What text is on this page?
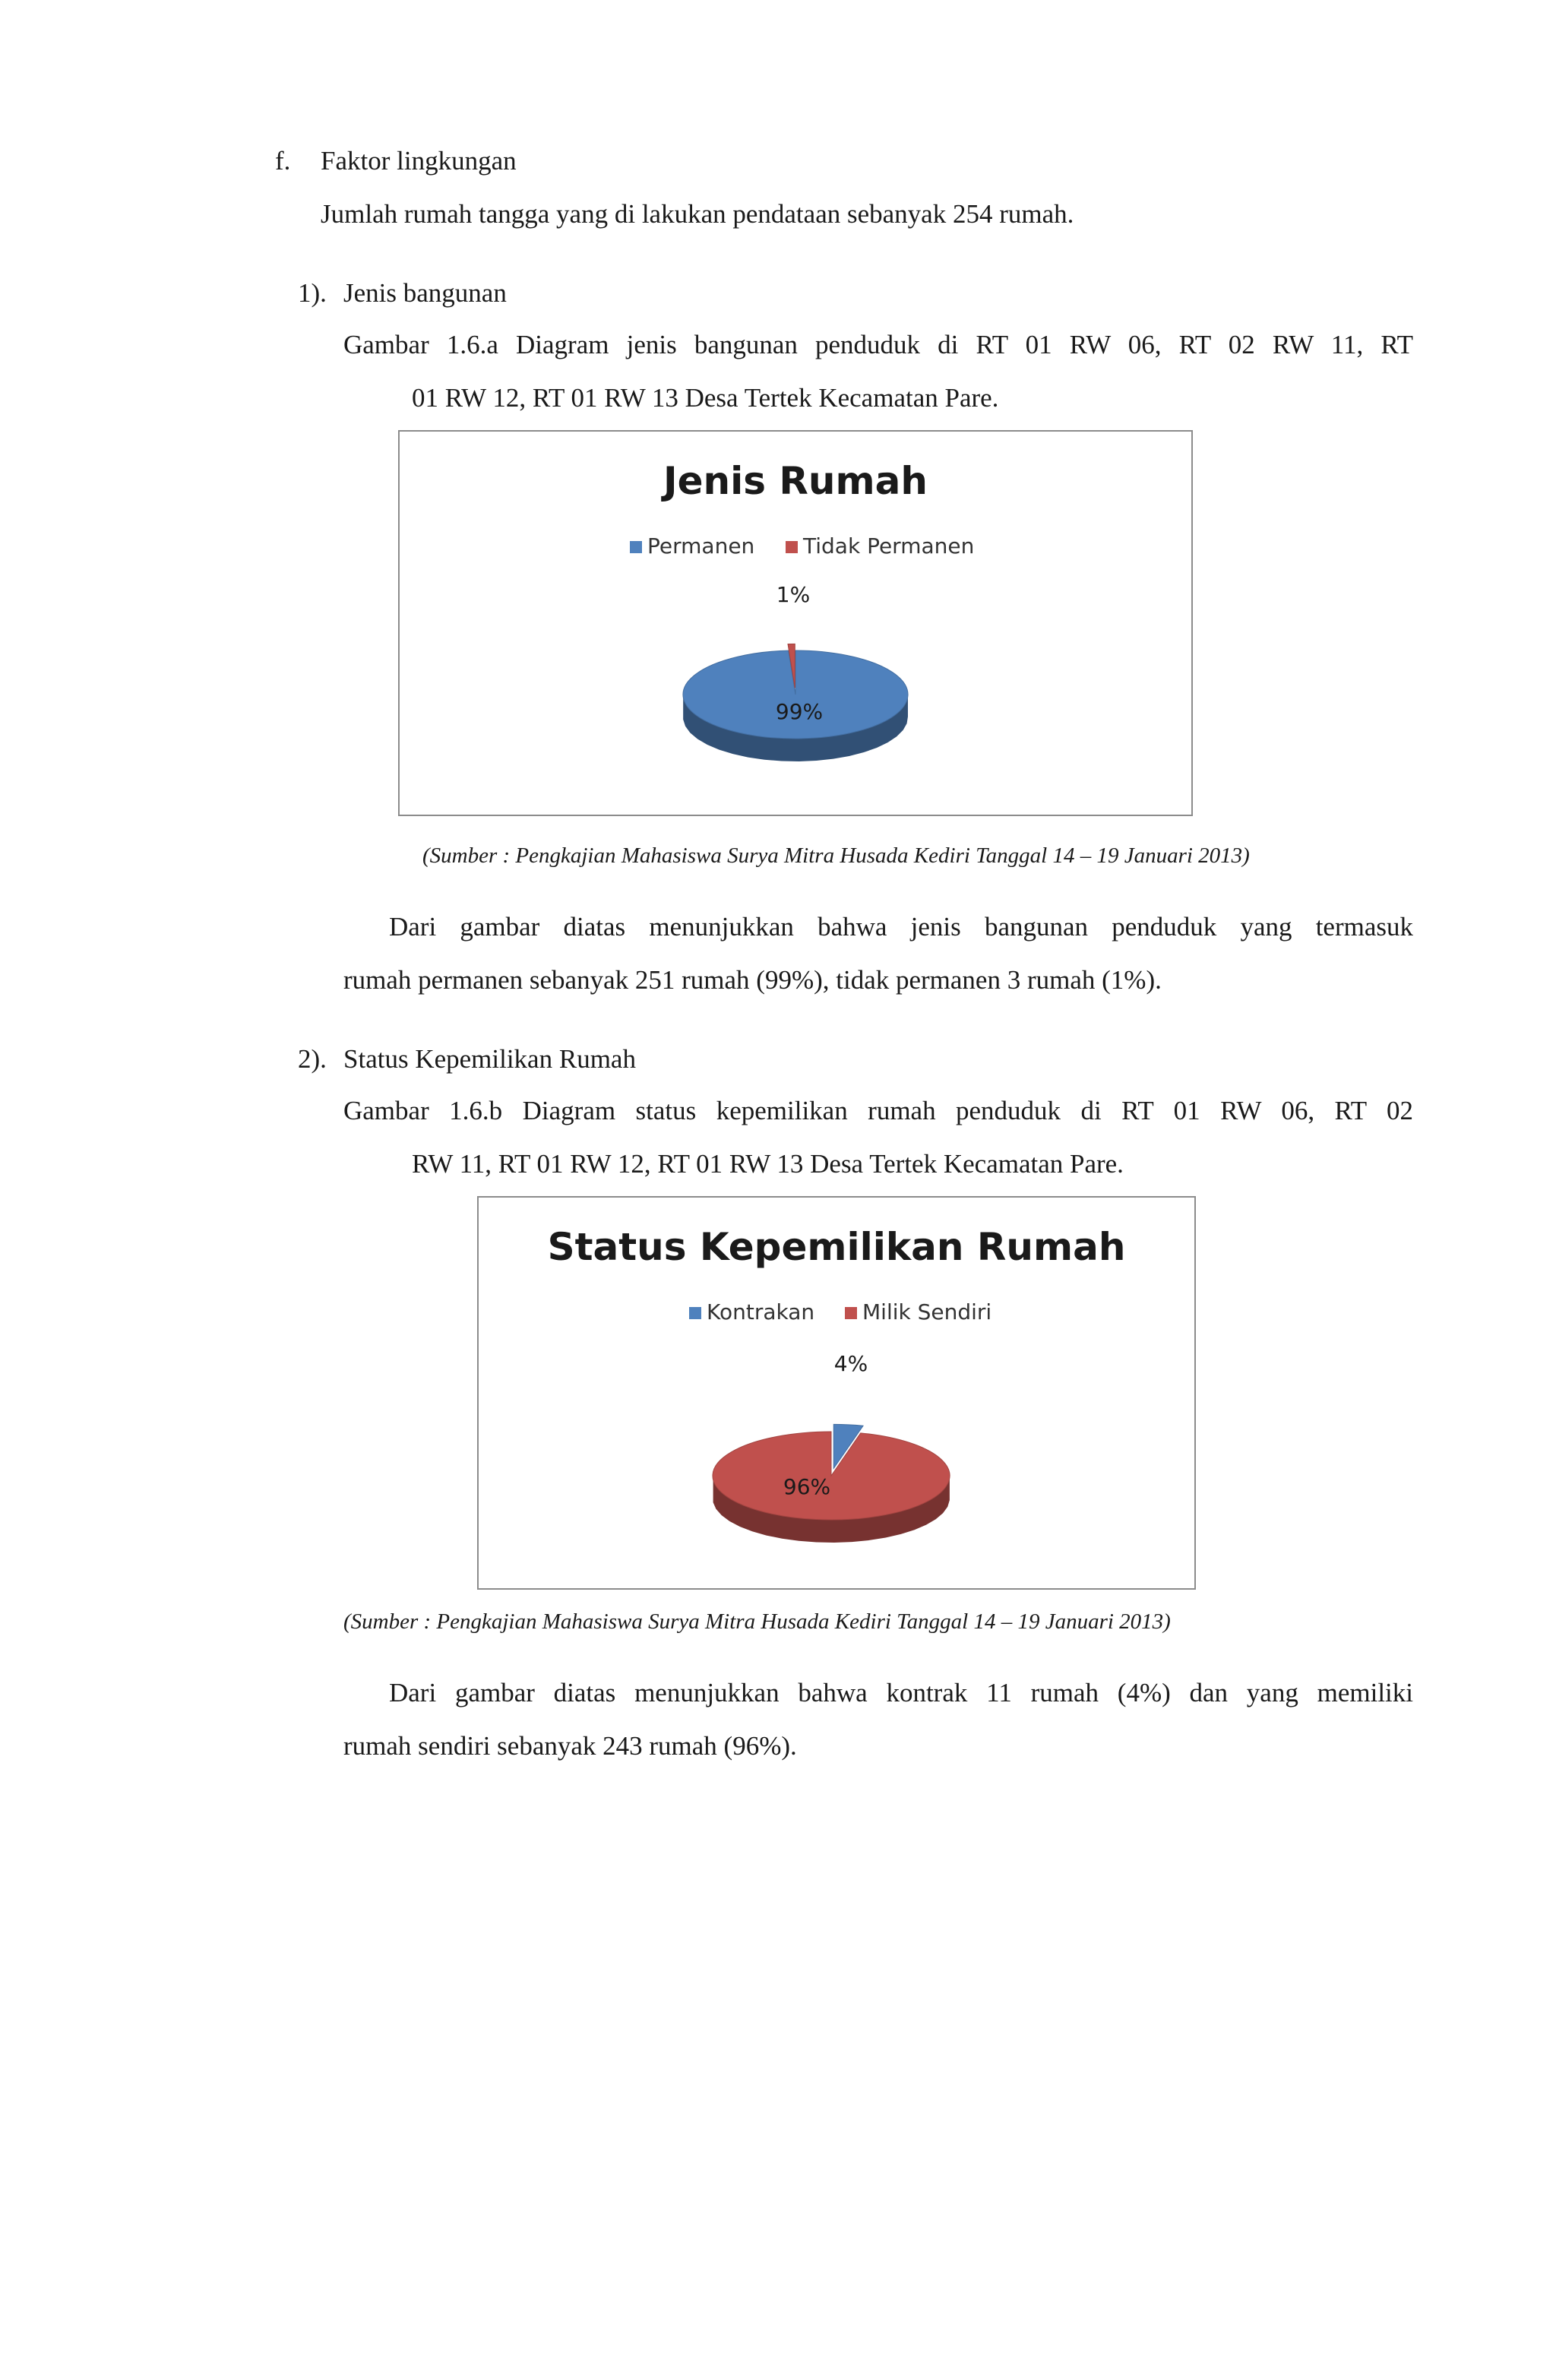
f. Faktor lingkungan
Jumlah rumah tangga yang di lakukan pendataan sebanyak 254 rumah.
1). Jenis bangunan
Gambar 1.6.a Diagram jenis bangunan penduduk di RT 01 RW 06, RT 02 RW 11, RT
01 RW 12, RT 01 RW 13 Desa Tertek Kecamatan Pare.
Jenis Rumah
Permanen Tidak Permanen
1%
99%
(Sumber : Pengkajian Mahasiswa Surya Mitra Husada Kediri Tanggal 14 – 19 Januari 2013)
Dari gambar diatas menunjukkan bahwa jenis bangunan penduduk yang termasuk
rumah permanen sebanyak 251 rumah (99%), tidak permanen 3 rumah (1%).
2). Status Kepemilikan Rumah
Gambar 1.6.b Diagram status kepemilikan rumah penduduk di RT 01 RW 06, RT 02
RW 11, RT 01 RW 12, RT 01 RW 13 Desa Tertek Kecamatan Pare.
Status Kepemilikan Rumah
Kontrakan Milik Sendiri
4%
96%
(Sumber : Pengkajian Mahasiswa Surya Mitra Husada Kediri Tanggal 14 – 19 Januari 2013)
Dari gambar diatas menunjukkan bahwa kontrak 11 rumah (4%) dan yang memiliki
rumah sendiri sebanyak 243 rumah (96%).
